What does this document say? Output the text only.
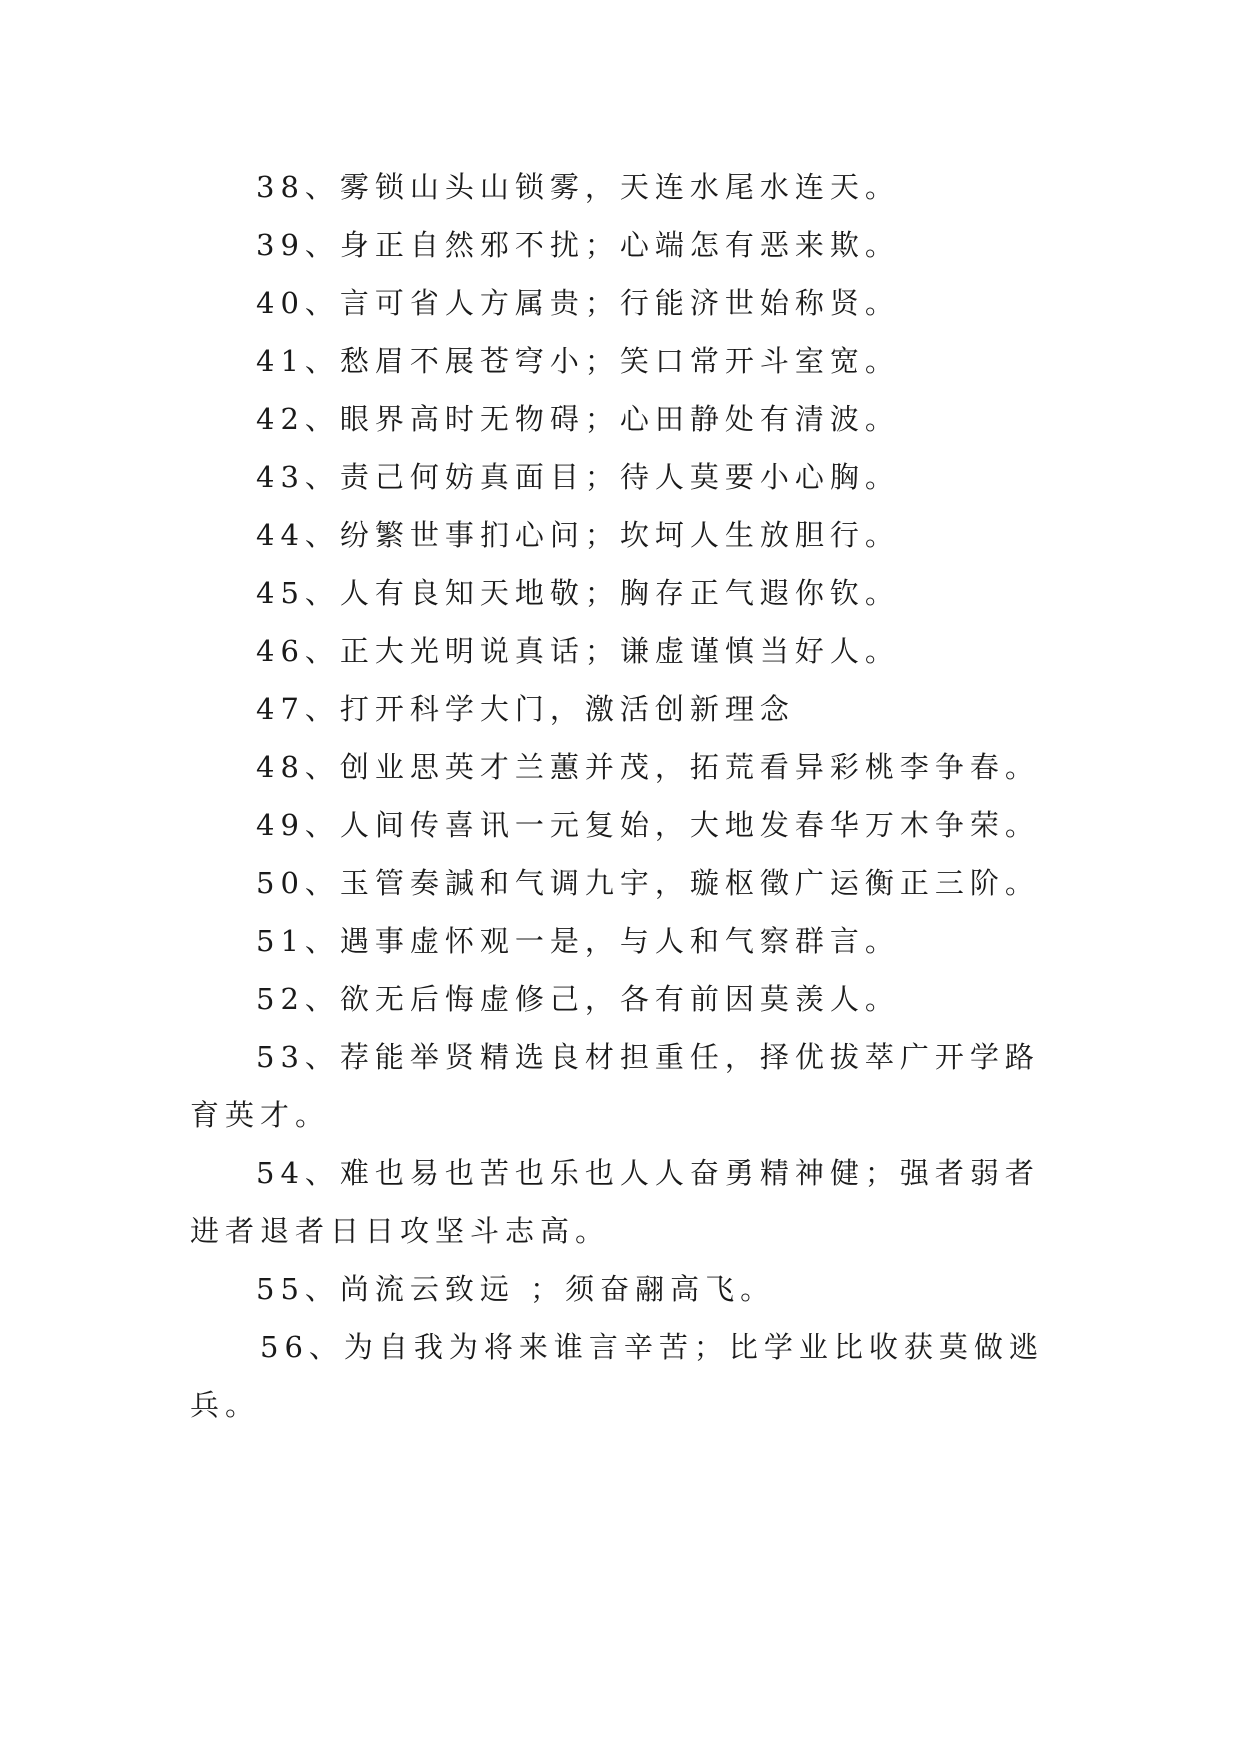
38、雾锁山头山锁雾，天连水尾水连天。

39、身正自然邪不扰；心端怎有恶来欺。

40、言可省人方属贵；行能济世始称贤。

41、愁眉不展苍穹小；笑口常开斗室宽。

42、眼界高时无物碍；心田静处有清波。

43、责己何妨真面目；待人莫要小心胸。

44、纷繁世事扪心问；坎坷人生放胆行。

45、人有良知天地敬；胸存正气遐你钦。

46、正大光明说真话；谦虚谨慎当好人。

47、打开科学大门，激活创新理念

48、创业思英才兰蕙并茂，拓荒看异彩桃李争春。

49、人间传喜讯一元复始，大地发春华万木争荣。

50、玉管奏諴和气调九宇，璇枢徵广运衡正三阶。

51、遇事虚怀观一是，与人和气察群言。

52、欲无后悔虚修己，各有前因莫羡人。

53、荐能举贤精选良材担重任，择优拔萃广开学路育英才。

54、难也易也苦也乐也人人奋勇精神健；强者弱者进者退者日日攻坚斗志高。

55、尚流云致远 ；须奋翮高飞。

56、为自我为将来谁言辛苦；比学业比收获莫做逃兵。
